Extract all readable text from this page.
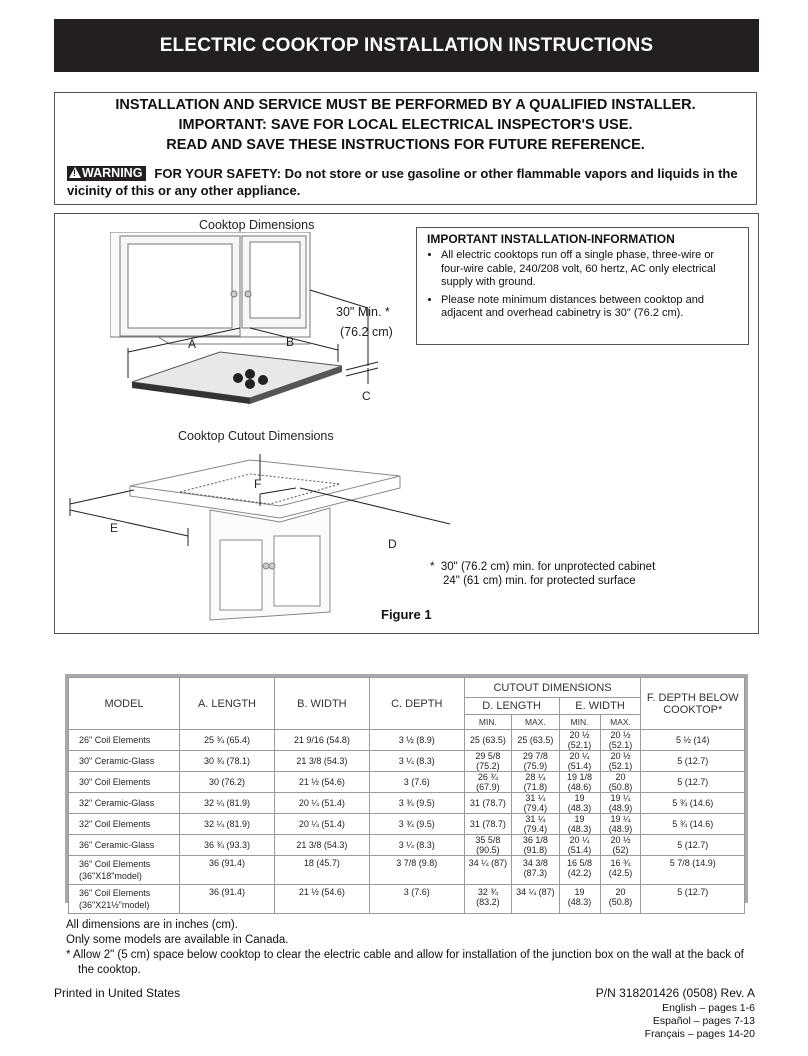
ELECTRIC COOKTOP INSTALLATION INSTRUCTIONS
INSTALLATION AND SERVICE MUST BE PERFORMED BY A QUALIFIED INSTALLER.
IMPORTANT: SAVE FOR LOCAL ELECTRICAL INSPECTOR'S USE.
READ AND SAVE THESE INSTRUCTIONS FOR FUTURE REFERENCE.
!WARNING FOR YOUR SAFETY: Do not store or use gasoline or other flammable vapors and liquids in the vicinity of this or any other appliance.
Cooktop Dimensions
Cooktop Cutout Dimensions
A	B
C
30" Min. *
(76.2 cm)
IMPORTANT INSTALLATION-INFORMATION
• All electric cooktops run off a single phase, three-wire or four-wire cable, 240/208 volt, 60 hertz, AC only electrical supply with ground.
• Please note minimum distances between cooktop and adjacent and overhead cabinetry is 30" (76.2 cm).
E
F
D
*  30" (76.2 cm) min. for unprotected cabinet
24" (61 cm) min. for protected surface
Figure 1
MODEL	A. LENGTH	B. WIDTH	C. DEPTH	CUTOUT DIMENSIONS				F. DEPTH BELOW COOKTOP*
				D. LENGTH		E. WIDTH		
				MIN.	MAX.	MIN.	MAX.	
26" Coil Elements	25 ¾ (65.4)	21 9/16 (54.8)	3 ½ (8.9)	25 (63.5)	25 (63.5)	20 ½ (52.1)	20 ½ (52.1)	5 ½ (14)
30" Ceramic-Glass	30 ¾ (78.1)	21 3/8 (54.3)	3 ¼ (8.3)	29 5/8 (75.2)	29 7/8 (75.9)	20 ¼ (51.4)	20 ½ (52.1)	5 (12.7)
30" Coil Elements	30 (76.2)	21 ½ (54.6)	3 (7.6)	26 ¾ (67.9)	28 ¼ (71.8)	19 1/8 (48.6)	20 (50.8)	5 (12.7)
32" Ceramic-Glass	32 ¼ (81.9)	20 ¼ (51.4)	3 ¾ (9.5)	31 (78.7)	31 ¼ (79.4)	19 (48.3)	19 ¼ (48.9)	5 ¾ (14.6)
32" Coil Elements	32 ¼ (81.9)	20 ¼ (51.4)	3 ¾ (9.5)	31 (78.7)	31 ¼ (79.4)	19 (48.3)	19 ¼ (48.9)	5 ¾ (14.6)
36" Ceramic-Glass	36 ¾ (93.3)	21 3/8 (54.3)	3 ¼ (8.3)	35 5/8 (90.5)	36 1/8 (91.8)	20 ¼ (51.4)	20 ½ (52)	5 (12.7)
36" Coil Elements (36"X18"model)	36 (91.4)	18 (45.7)	3 7/8 (9.8)	34 ¼ (87)	34 3/8 (87.3)	16 5/8 (42.2)	16 ¾ (42.5)	5 7/8 (14.9)
36" Coil Elements (36"X21½"model)	36 (91.4)	21 ½ (54.6)	3 (7.6)	32 ¾ (83.2)	34 ¼ (87)	19 (48.3)	20 (50.8)	5 (12.7)
All dimensions are in inches (cm).
Only some models are available in Canada.
* Allow 2" (5 cm) space below cooktop to clear the electric cable and allow for installation of the junction box on the wall at the back of the cooktop.
Printed in United States	P/N 318201426 (0508) Rev. A
English – pages 1-6
Español – pages 7-13
Français – pages 14-20
